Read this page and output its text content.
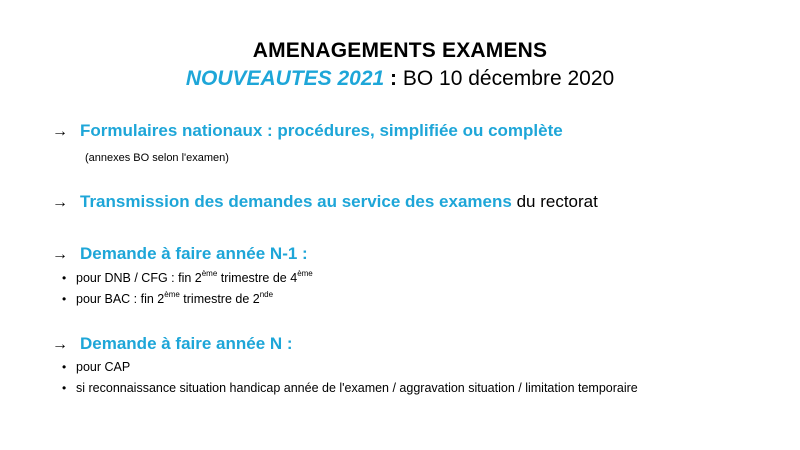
AMENAGEMENTS EXAMENS
NOUVEAUTES 2021 : BO 10 décembre 2020
→ Formulaires nationaux : procédures, simplifiée ou complète
(annexes BO selon l'examen)
→ Transmission des demandes au service des examens du rectorat
→ Demande à faire année N-1 :
• pour DNB / CFG : fin 2ème trimestre de 4ème
• pour BAC : fin 2ème trimestre de 2nde
→ Demande à faire année N :
• pour CAP
• si reconnaissance situation handicap année de l'examen / aggravation situation / limitation temporaire
